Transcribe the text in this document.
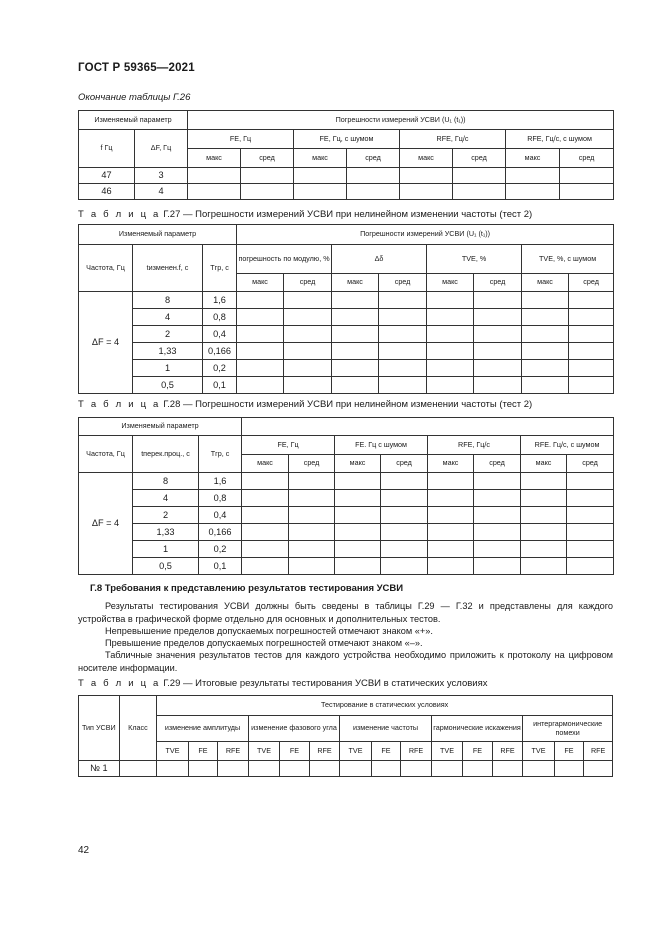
ГОСТ Р 59365—2021
Окончание таблицы Г.26
Изменяемый параметр		Погрешности измерений УСВИ (U₁ (t₁))							
f Гц	ΔF, Гц	FE, Гц		FE, Гц, с шумом		RFE, Гц/с		RFE, Гц/с, с шумом	
		макс	сред	макс	сред	макс	сред	макс	сред
47	3								
46	4								
Т а б л и ц а Г.27 — Погрешности измерений УСВИ при нелинейном изменении частоты (тест 2)
Изменяемый параметр			Погрешности измерений УСВИ (U₁ (t₁))							
Частота, Гц	tизменен.f, с	Tгр, с	погрешность по модулю, %		Δδ		TVE, %		TVE, %, с шумом	
			макс	сред	макс	сред	макс	сред	макс	сред
ΔF = 4	8	1,6								
	4	0,8								
	2	0,4								
	1,33	0,166								
	1	0,2								
	0,5	0,1								
Т а б л и ц а Г.28 — Погрешности измерений УСВИ при нелинейном изменении частоты (тест 2)
Изменяемый параметр										
Частота, Гц	tперек.проц., с	Tгр, с	FE, Гц		FE. Гц с шумом		RFE, Гц/с		RFE. Гц/с, с шумом	
			макс	сред	макс	сред	макс	сред	макс	сред
ΔF = 4	8	1,6								
	4	0,8								
	2	0,4								
	1,33	0,166								
	1	0,2								
	0,5	0,1								
Г.8 Требования к представлению результатов тестирования УСВИ
Результаты тестирования УСВИ должны быть сведены в таблицы Г.29 — Г.32 и представлены для каждого устройства в графической форме отдельно для основных и дополнительных тестов.
Непревышение пределов допускаемых погрешностей отмечают знаком «+».
Превышение пределов допускаемых погрешностей отмечают знаком «–».
Табличные значения результатов тестов для каждого устройства необходимо приложить к протоколу на цифровом носителе информации.
Т а б л и ц а Г.29 — Итоговые результаты тестирования УСВИ в статических условиях
Тип УСВИ	Класс	Тестирование в статических условиях														
		изменение амплитуды			изменение фазового угла			изменение частоты			гармонические искажения			интергармонические помехи		
		TVE	FE	RFE	TVE	FE	RFE	TVE	FE	RFE	TVE	FE	RFE	TVE	FE	RFE
№ 1																
42
